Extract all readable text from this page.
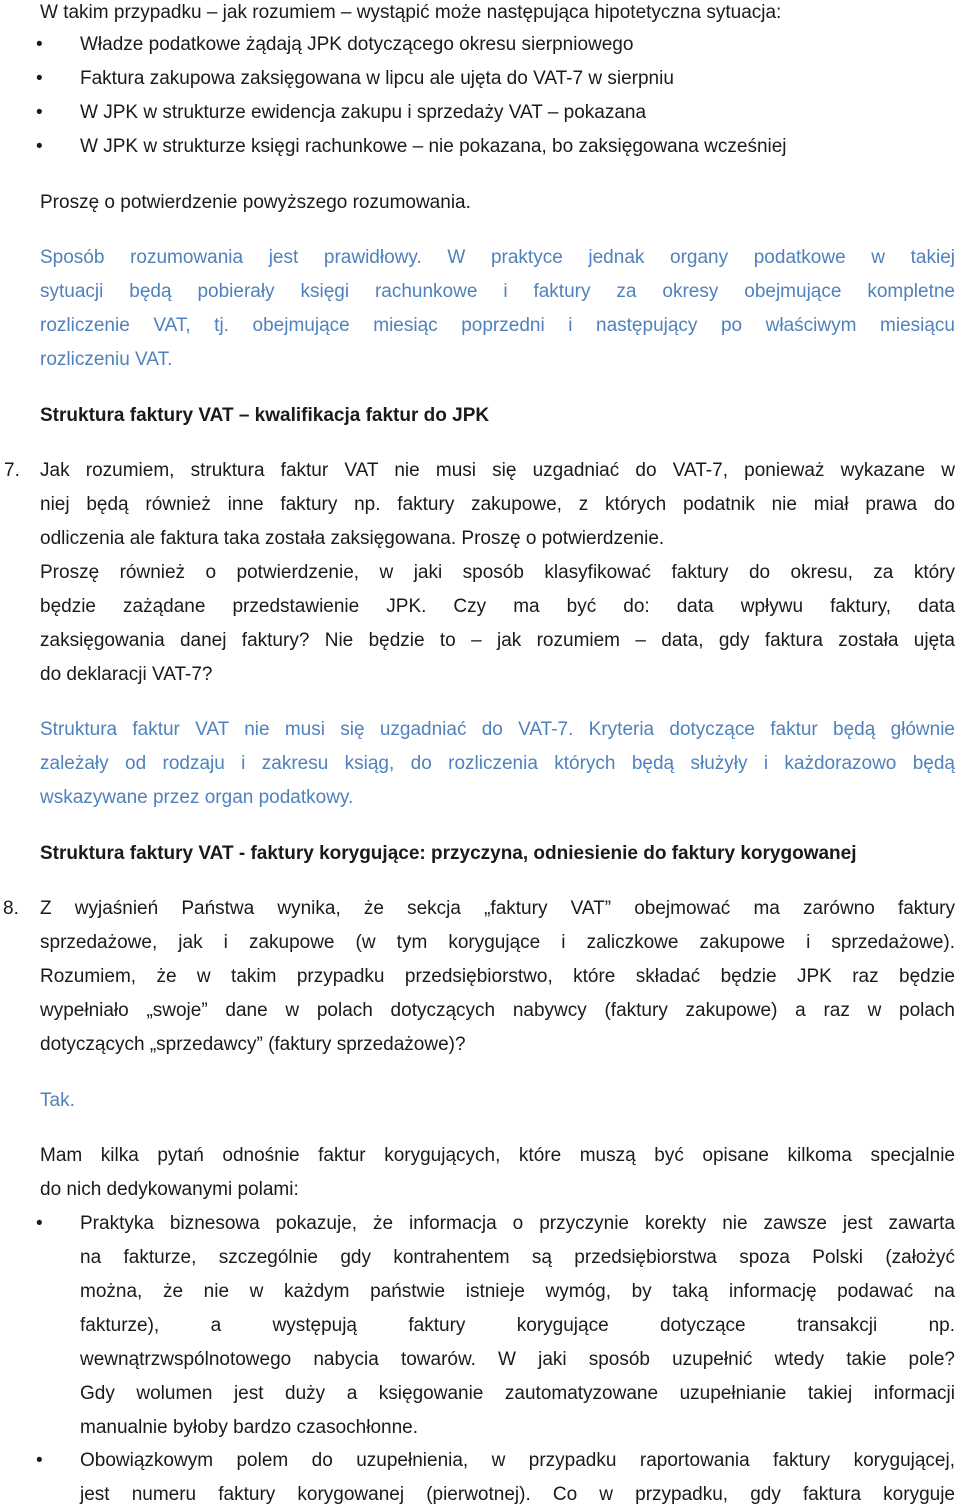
W takim przypadku – jak rozumiem – wystąpić może następująca hipotetyczna sytuacja:

• Władze podatkowe żądają JPK dotyczącego okresu sierpniowego

• Faktura zakupowa zaksięgowana w lipcu ale ujęta do VAT-7 w sierpniu

• W JPK w strukturze ewidencja zakupu i sprzedaży VAT – pokazana

• W JPK w strukturze księgi rachunkowe – nie pokazana, bo zaksięgowana wcześniej

Proszę o potwierdzenie powyższego rozumowania.

Sposób rozumowania jest prawidłowy. W praktyce jednak organy podatkowe w takiej

sytuacji będą pobierały księgi rachunkowe i faktury za okresy obejmujące kompletne

rozliczenie VAT, tj. obejmujące miesiąc poprzedni i następujący po właściwym miesiącu

rozliczeniu VAT.

Struktura faktury VAT – kwalifikacja faktur do JPK

7. Jak rozumiem, struktura faktur VAT nie musi się uzgadniać do VAT-7, ponieważ wykazane w

niej będą również inne faktury np. faktury zakupowe, z których podatnik nie miał prawa do

odliczenia ale faktura taka została zaksięgowana. Proszę o potwierdzenie.

Proszę również o potwierdzenie, w jaki sposób klasyfikować faktury do okresu, za który

będzie zażądane przedstawienie JPK. Czy ma być do: data wpływu faktury, data

zaksięgowania danej faktury? Nie będzie to – jak rozumiem – data, gdy faktura została ujęta

do deklaracji VAT-7?

Struktura faktur VAT nie musi się uzgadniać do VAT-7. Kryteria dotyczące faktur będą głównie

zależały od rodzaju i zakresu ksiąg, do rozliczenia których będą służyły i każdorazowo będą

wskazywane przez organ podatkowy.

Struktura faktury VAT - faktury korygujące: przyczyna, odniesienie do faktury korygowanej

8. Z wyjaśnień Państwa wynika, że sekcja „faktury VAT” obejmować ma zarówno faktury

sprzedażowe, jak i zakupowe (w tym korygujące i zaliczkowe zakupowe i sprzedażowe).

Rozumiem, że w takim przypadku przedsiębiorstwo, które składać będzie JPK raz będzie

wypełniało „swoje” dane w polach dotyczących nabywcy (faktury zakupowe) a raz w polach

dotyczących „sprzedawcy” (faktury sprzedażowe)?

Tak.

Mam kilka pytań odnośnie faktur korygujących, które muszą być opisane kilkoma specjalnie

do nich dedykowanymi polami:

• Praktyka biznesowa pokazuje, że informacja o przyczynie korekty nie zawsze jest zawarta

na fakturze, szczególnie gdy kontrahentem są przedsiębiorstwa spoza Polski (założyć

można, że nie w każdym państwie istnieje wymóg, by taką informację podawać na

fakturze), a występują faktury korygujące dotyczące transakcji np.

wewnątrzwspólnotowego nabycia towarów. W jaki sposób uzupełnić wtedy takie pole?

Gdy wolumen jest duży a księgowanie zautomatyzowane uzupełnianie takiej informacji

manualnie byłoby bardzo czasochłonne.

• Obowiązkowym polem do uzupełnienia, w przypadku raportowania faktury korygującej,

jest numeru faktury korygowanej (pierwotnej). Co w przypadku, gdy faktura koryguje
